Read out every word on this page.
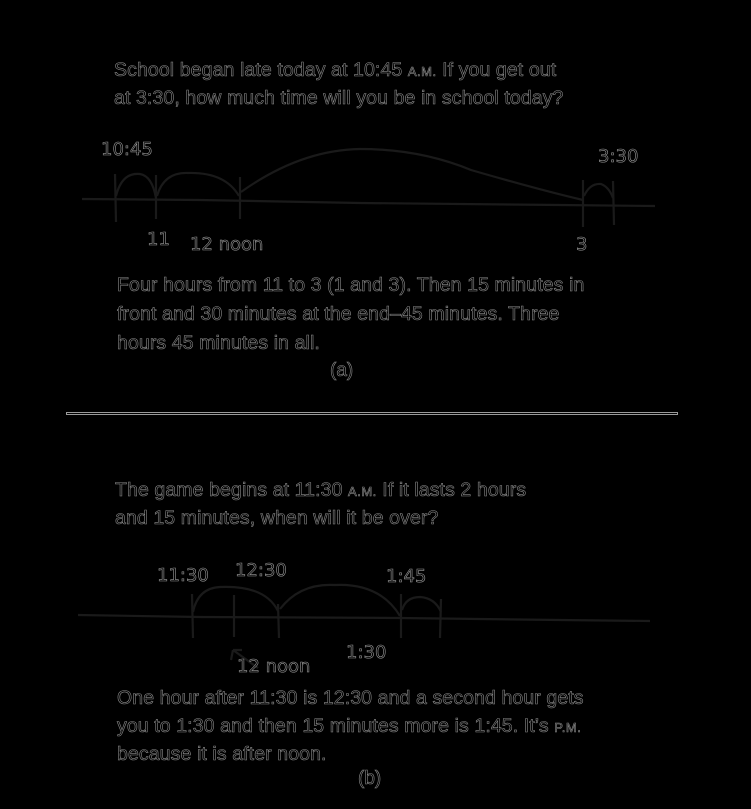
School began late today at 10:45 A.M. If you get out
at 3:30, how much time will you be in school today?
10:45	3:30
11 12 noon	3
11:30 12:30	1:45
1:30
12 noon
Four hours from 11 to 3 (1 and 3). Then 15 minutes in
front and 30 minutes at the end–45 minutes. Three
hours 45 minutes in all.
(a)
The game begins at 11:30 A.M. If it lasts 2 hours
and 15 minutes, when will it be over?
One hour after 11:30 is 12:30 and a second hour gets
you to 1:30 and then 15 minutes more is 1:45. It’s P.M.
because it is after noon.
(b)
